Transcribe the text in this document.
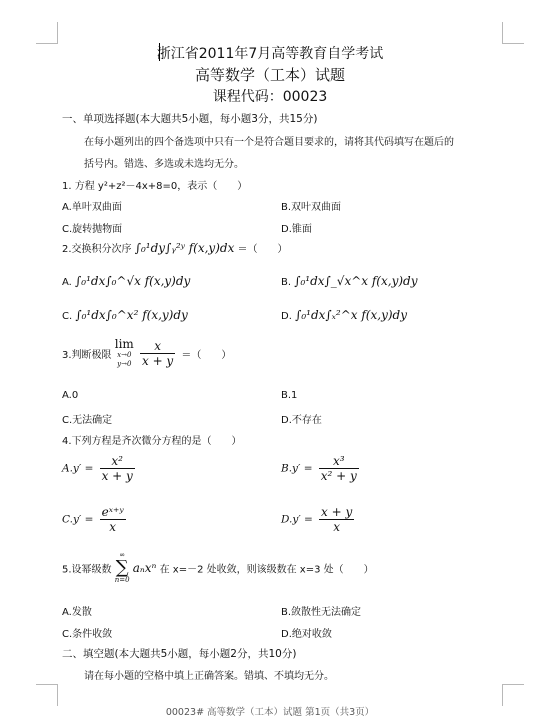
浙江省2011年7月高等教育自学考试
高等数学（工本）试题
课程代码：00023
一、单项选择题(本大题共5小题，每小题3分，共15分)
在每小题列出的四个备选项中只有一个是符合题目要求的，请将其代码填写在题后的
括号内。错选、多选或未选均无分。
1. 方程 y²+z²－4x+8=0，表示（　　）
A.单叶双曲面	B.双叶双曲面
C.旋转抛物面	D.锥面
2.交换积分次序 ∫₀¹dy∫ᵧ²ʸ f(x,y)dx ＝（　　）
A. ∫₀¹dx∫₀^√x f(x,y)dy	B. ∫₀¹dx∫_√x^x f(x,y)dy
C. ∫₀¹dx∫₀^x² f(x,y)dy	D. ∫₀¹dx∫ₓ²^x f(x,y)dy
3.判断极限
lim
x→0
y→0
$\frac{x}{x + y}$ ＝（　　）
A.0	B.1
C.无法确定	D.不存在
4.下列方程是齐次微分方程的是（　　）
$A.y' = \frac{\text{x²}}{x + y}$	$B.y' = \frac{\text{x³}}{\text{x² + y}}$
$C.y' = \frac{\text{eˣ⁺ʸ}}{x}$	$D.y' = \frac{x + y}{x}$
5.设幂级数
∞
∑
n=0
aₙxⁿ 在 x=－2 处收敛，则该级数在 x=3 处（　　）
A.发散	B.敛散性无法确定
C.条件收敛	D.绝对收敛
二、填空题(本大题共5小题，每小题2分，共10分)
请在每小题的空格中填上正确答案。错填、不填均无分。
00023# 高等数学（工本）试题 第1页（共3页）
